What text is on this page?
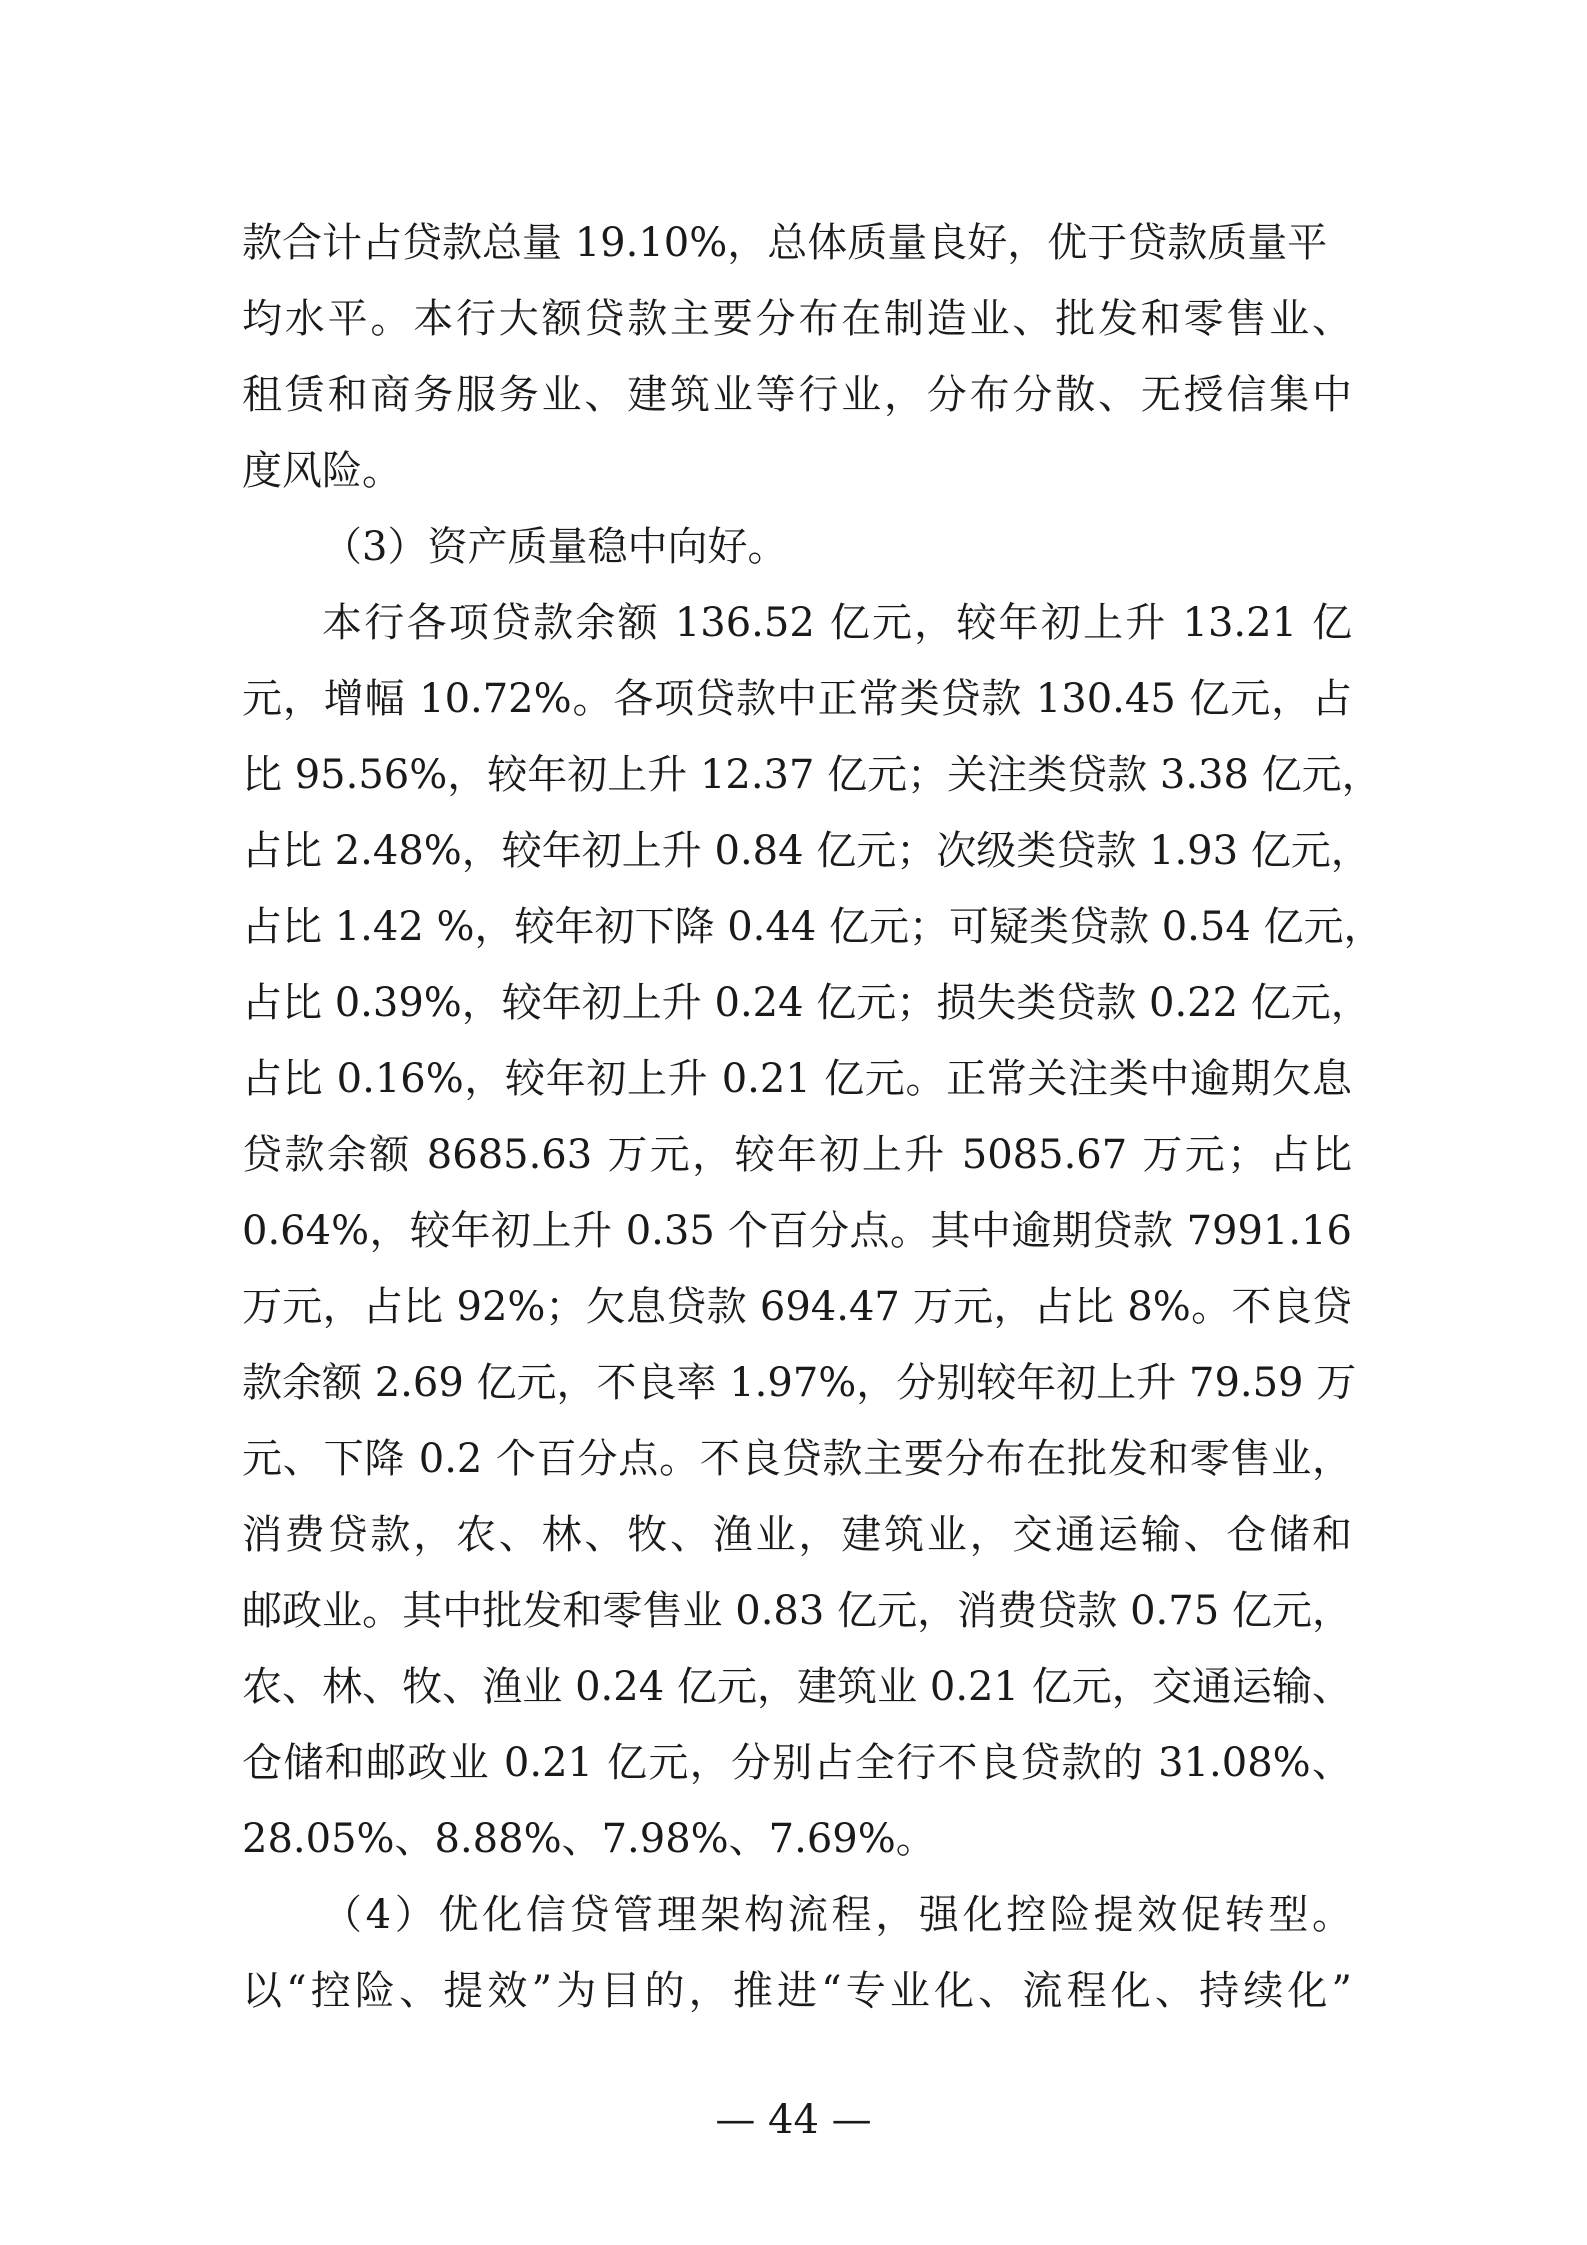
款合计占贷款总量 19.10%，总体质量良好，优于贷款质量平
均水平。本行大额贷款主要分布在制造业、批发和零售业、
租赁和商务服务业、建筑业等行业，分布分散、无授信集中
度风险。
（3）资产质量稳中向好。
本行各项贷款余额 136.52 亿元，较年初上升 13.21 亿
元，增幅 10.72%。各项贷款中正常类贷款 130.45 亿元，占
比 95.56%，较年初上升 12.37 亿元；关注类贷款 3.38 亿元，
占比 2.48%，较年初上升 0.84 亿元；次级类贷款 1.93 亿元，
占比 1.42 %，较年初下降 0.44 亿元；可疑类贷款 0.54 亿元，
占比 0.39%，较年初上升 0.24 亿元；损失类贷款 0.22 亿元，
占比 0.16%，较年初上升 0.21 亿元。正常关注类中逾期欠息
贷款余额 8685.63 万元，较年初上升 5085.67 万元；占比
0.64%，较年初上升 0.35 个百分点。其中逾期贷款 7991.16
万元，占比 92%；欠息贷款 694.47 万元，占比 8%。不良贷
款余额 2.69 亿元，不良率 1.97%，分别较年初上升 79.59 万
元、下降 0.2 个百分点。不良贷款主要分布在批发和零售业，
消费贷款，农、林、牧、渔业，建筑业，交通运输、仓储和
邮政业。其中批发和零售业 0.83 亿元，消费贷款 0.75 亿元，
农、林、牧、渔业 0.24 亿元，建筑业 0.21 亿元，交通运输、
仓储和邮政业 0.21 亿元，分别占全行不良贷款的 31.08%、
28.05%、8.88%、7.98%、7.69%。
（4）优化信贷管理架构流程，强化控险提效促转型。
以“控险、提效”为目的，推进“专业化、流程化、持续化”
— 44 —
